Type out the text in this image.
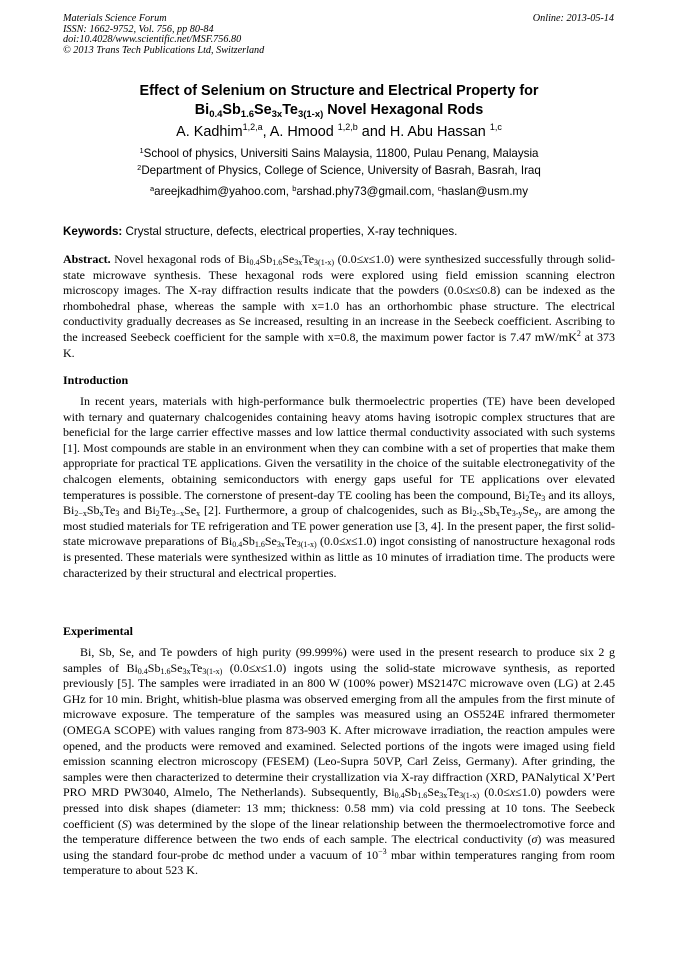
Materials Science Forum
ISSN: 1662-9752, Vol. 756, pp 80-84
doi:10.4028/www.scientific.net/MSF.756.80
© 2013 Trans Tech Publications Ltd, Switzerland
Online: 2013-05-14
Effect of Selenium on Structure and Electrical Property for
$Bi_{0.4}Sb_{1.6}Se_{3x}Te_{3(1-x)}$ Novel Hexagonal Rods
A. Kadhim$^{1,2,a}$, A. Hmood $^{1,2,b}$ and H. Abu Hassan $^{1,c}$
$^1$School of physics, Universiti Sains Malaysia, 11800, Pulau Penang, Malaysia
$^2$Department of Physics, College of Science, University of Basrah, Basrah, Iraq
$^a$areejkadhim@yahoo.com, $^b$arshad.phy73@gmail.com, $^c$haslan@usm.my
Keywords: Crystal structure, defects, electrical properties, X-ray techniques.

Abstract. Novel hexagonal rods of $Bi_{0.4}Sb_{1.6}Se_{3x}Te_{3(1-x)}$ (0.0≤x≤1.0) were synthesized successfully through solid-state microwave synthesis. These hexagonal rods were explored using field emission scanning electron microscopy images. The X-ray diffraction results indicate that the powders (0.0≤x≤0.8) can be indexed as the rhombohedral phase, whereas the sample with x=1.0 has an orthorhombic phase structure. The electrical conductivity gradually decreases as Se increased, resulting in an increase in the Seebeck coefficient. Ascribing to the increased Seebeck coefficient for the sample with x=0.8, the maximum power factor is 7.47 $mW/mK^2$ at 373 K.

Introduction

In recent years, materials with high-performance bulk thermoelectric properties (TE) have been developed with ternary and quaternary chalcogenides containing heavy atoms having isotropic complex structures that are beneficial for the large carrier effective masses and low lattice thermal conductivity associated with such systems [1]. Most compounds are stable in an environment when they can combine with a set of properties that make them appropriate for practical TE applications. Given the versatility in the choice of the suitable electronegativity of the chalcogen elements, obtaining semiconductors with energy gaps useful for TE applications over elevated temperatures is possible. The cornerstone of present-day TE cooling has been the compound, $Bi_2Te_3$ and its alloys, $Bi_{2-x}Sb_xTe_3$ and $Bi_2Te_{3-x}Se_x$ [2]. Furthermore, a group of chalcogenides, such as $Bi_{2-x}Sb_xTe_{3-y}Se_y$, are among the most studied materials for TE refrigeration and TE power generation use [3, 4]. In the present paper, the first solid-state microwave preparations of $Bi_{0.4}Sb_{1.6}Se_{3x}Te_{3(1-x)}$ (0.0≤x≤1.0) ingot consisting of nanostructure hexagonal rods is presented. These materials were synthesized within as little as 10 minutes of irradiation time. The products were characterized by their structural and electrical properties.

Experimental

Bi, Sb, Se, and Te powders of high purity (99.999%) were used in the present research to produce six 2 g samples of $Bi_{0.4}Sb_{1.6}Se_{3x}Te_{3(1-x)}$ (0.0≤x≤1.0) ingots using the solid-state microwave synthesis, as reported previously [5]. The samples were irradiated in an 800 W (100% power) MS2147C microwave oven (LG) at 2.45 GHz for 10 min. Bright, whitish-blue plasma was observed emerging from all the ampules from the first minute of microwave exposure. The temperature of the samples was measured using an OS524E infrared thermometer (OMEGA SCOPE) with values ranging from 873-903 K. After microwave irradiation, the reaction ampules were opened, and the products were removed and examined. Selected portions of the ingots were imaged using field emission scanning electron microscopy (FESEM) (Leo-Supra 50VP, Carl Zeiss, Germany). After grinding, the samples were then characterized to determine their crystallization via X-ray diffraction (XRD, PANalytical X’Pert PRO MRD PW3040, Almelo, The Netherlands). Subsequently, $Bi_{0.4}Sb_{1.6}Se_{3x}Te_{3(1-x)}$ (0.0≤x≤1.0) powders were pressed into disk shapes (diameter: 13 mm; thickness: 0.58 mm) via cold pressing at 10 tons. The Seebeck coefficient (S) was determined by the slope of the linear relationship between the thermoelectromotive force and the temperature difference between the two ends of each sample. The electrical conductivity (σ) was measured using the standard four-probe dc method under a vacuum of $10^{-3}$ mbar within temperatures ranging from room temperature to about 523 K.
